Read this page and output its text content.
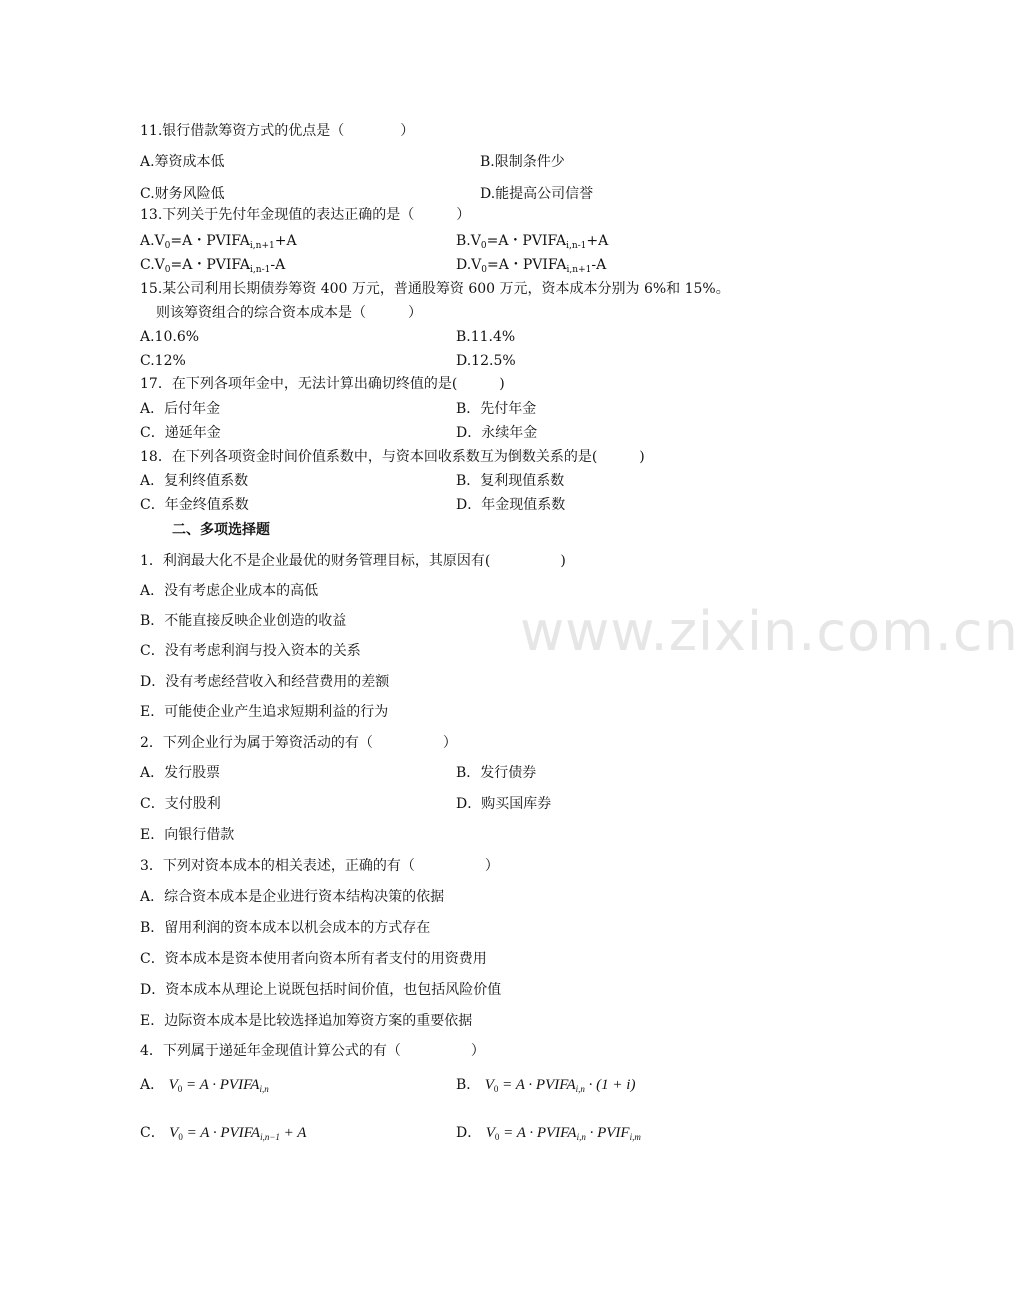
www.zixin.com.cn
11.银行借款筹资方式的优点是（　　　　）
A.筹资成本低	B.限制条件少
C.财务风险低	D.能提高公司信誉
13.下列关于先付年金现值的表达正确的是（　　　）
$A.V_0=A$・$PVIFA_{i,n+1}+A$	$B.V_0=A$・$PVIFA_{i,n-1}+A$
$C.V_0=A$・$PVIFA_{i,n-1}-A$	$D.V_0=A$・$PVIFA_{i,n+1}-A$
15.某公司利用长期债券筹资 400 万元，普通股筹资 600 万元，资本成本分别为 6%和 15%。
则该筹资组合的综合资本成本是（　　　）
A.10.6%	B.11.4%
C.12%	D.12.5%
17．在下列各项年金中，无法计算出确切终值的是(　　　)
A．后付年金	B．先付年金
C．递延年金	D．永续年金
18．在下列各项资金时间价值系数中，与资本回收系数互为倒数关系的是(　　　)
A．复利终值系数	B．复利现值系数
C．年金终值系数	D．年金现值系数
二、多项选择题
1．利润最大化不是企业最优的财务管理目标，其原因有(　　　　　)
A．没有考虑企业成本的高低
B．不能直接反映企业创造的收益
C．没有考虑利润与投入资本的关系
D．没有考虑经营收入和经营费用的差额
E．可能使企业产生追求短期利益的行为
2．下列企业行为属于筹资活动的有（　　　　　）
A．发行股票	B．发行债券
C．支付股利	D．购买国库券
E．向银行借款
3．下列对资本成本的相关表述，正确的有（　　　　　）
A．综合资本成本是企业进行资本结构决策的依据
B．留用利润的资本成本以机会成本的方式存在
C．资本成本是资本使用者向资本所有者支付的用资费用
D．资本成本从理论上说既包括时间价值，也包括风险价值
E．边际资本成本是比较选择追加筹资方案的重要依据
4．下列属于递延年金现值计算公式的有（　　　　　）
A． $V_0 = A$ · $PVIFA_{i,n}$	B． $V_0 = A$ · $PVIFA_{i,n} \cdot (1 + i)$
C． $V_0 = A$ · $PVIFA_{i,n-1} + A$	D． $V_0 = A$ · $PVIFA_{i,n}$ · $PVIF_{i,m}$
